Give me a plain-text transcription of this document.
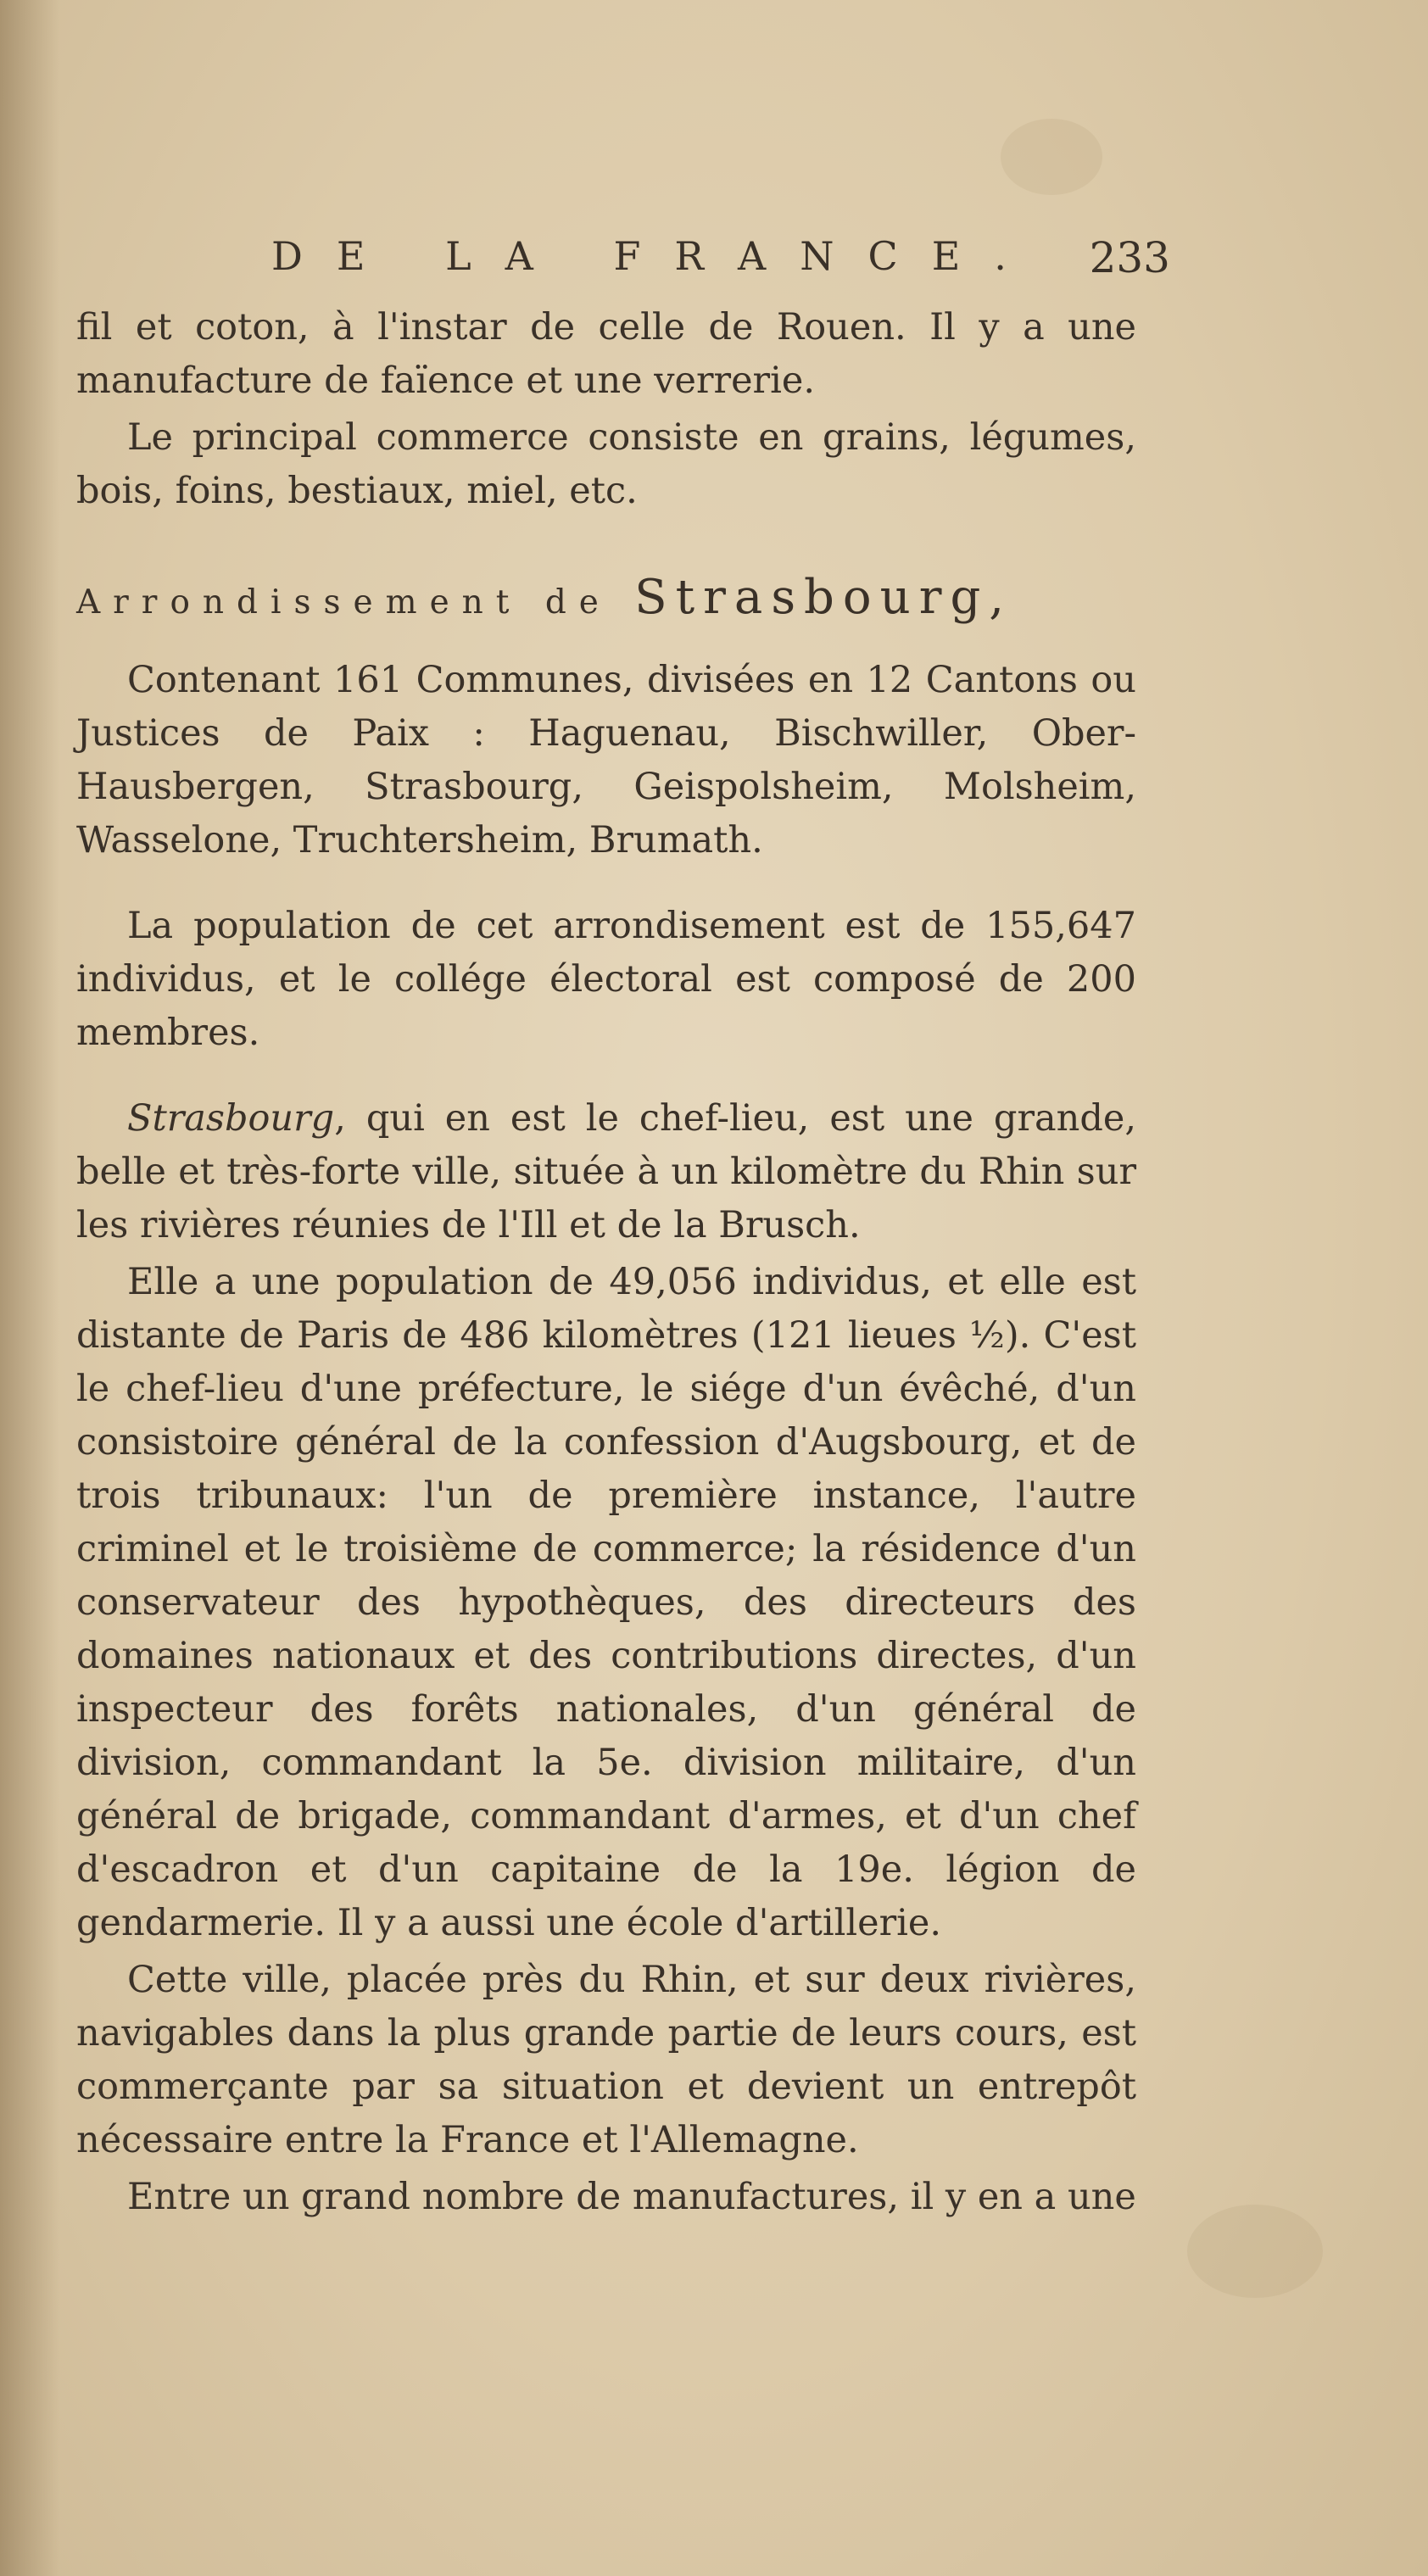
DE LA FRANCE. 233

fil et coton, à l'instar de celle de Rouen. Il y a une manufacture de faïence et une verrerie.

Le principal commerce consiste en grains, légumes, bois, foins, bestiaux, miel, etc.

Arrondissement de Strasbourg,

Contenant 161 Communes, divisées en 12 Cantons ou Justices de Paix : Haguenau, Bischwiller, Ober-Hausbergen, Strasbourg, Geispolsheim, Molsheim, Wasselone, Truchtersheim, Brumath.

La population de cet arrondisement est de 155,647 individus, et le collége électoral est composé de 200 membres.

Strasbourg, qui en est le chef-lieu, est une grande, belle et très-forte ville, située à un kilomètre du Rhin sur les rivières réunies de l'Ill et de la Brusch.

Elle a une population de 49,056 individus, et elle est distante de Paris de 486 kilomètres (121 lieues ½). C'est le chef-lieu d'une préfecture, le siége d'un évêché, d'un consistoire général de la confession d'Augsbourg, et de trois tribunaux: l'un de première instance, l'autre criminel et le troisième de commerce; la résidence d'un conservateur des hypothèques, des directeurs des domaines nationaux et des contributions directes, d'un inspecteur des forêts nationales, d'un général de division, commandant la 5e. division militaire, d'un général de brigade, commandant d'armes, et d'un chef d'escadron et d'un capitaine de la 19e. légion de gendarmerie. Il y a aussi une école d'artillerie.

Cette ville, placée près du Rhin, et sur deux rivières, navigables dans la plus grande partie de leurs cours, est commerçante par sa situation et devient un entrepôt nécessaire entre la France et l'Allemagne.

Entre un grand nombre de manufactures, il y en a une
